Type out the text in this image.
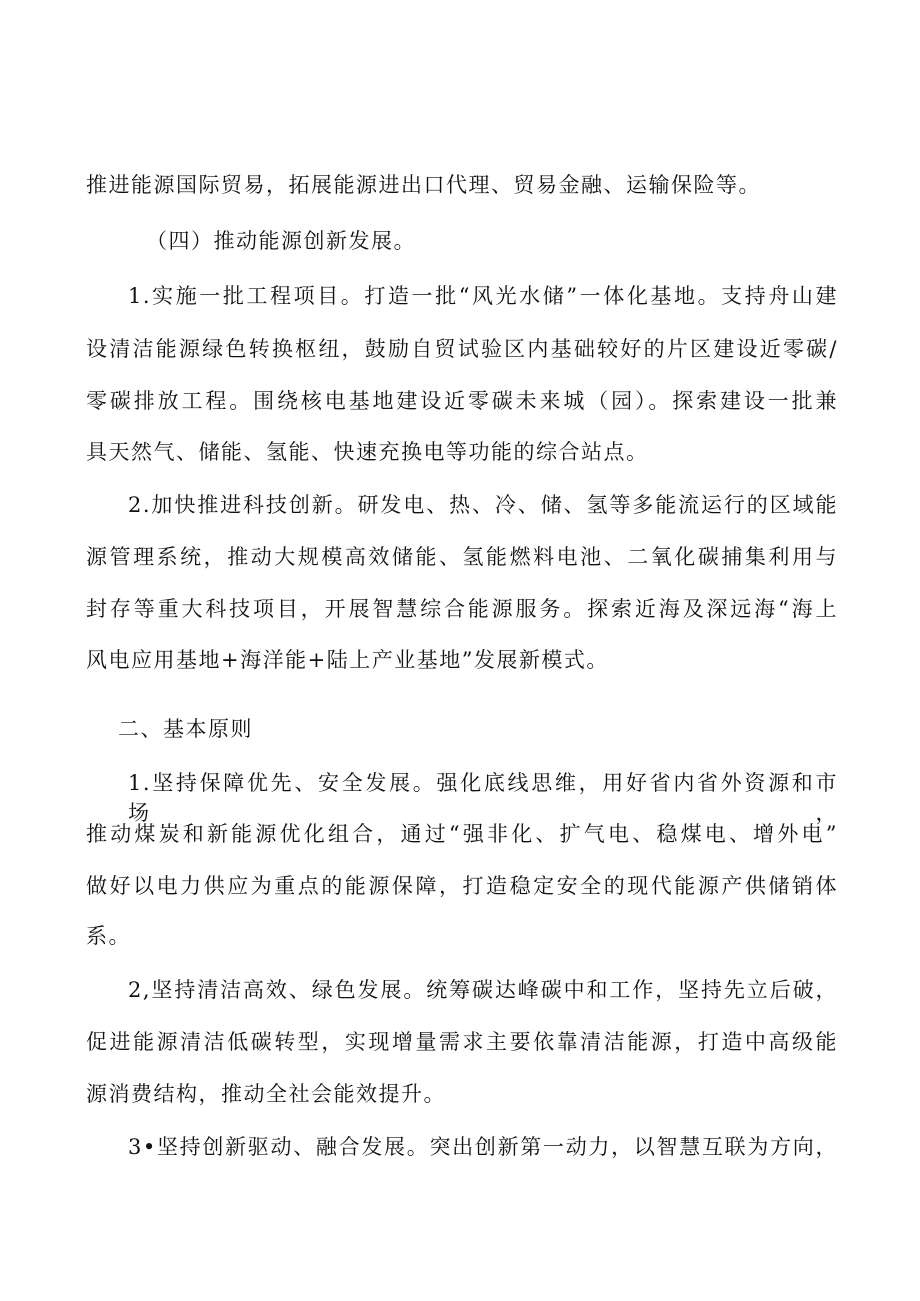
推进能源国际贸易，拓展能源进出口代理、贸易金融、运输保险等。
（四）推动能源创新发展。
1.实施一批工程项目。打造一批“风光水储”一体化基地。支持舟山建
设清洁能源绿色转换枢纽，鼓励自贸试验区内基础较好的片区建设近零碳/
零碳排放工程。围绕核电基地建设近零碳未来城（园）。探索建设一批兼
具天然气、储能、氢能、快速充换电等功能的综合站点。
2.加快推进科技创新。研发电、热、冷、储、氢等多能流运行的区域能
源管理系统，推动大规模高效储能、氢能燃料电池、二氧化碳捕集利用与
封存等重大科技项目，开展智慧综合能源服务。探索近海及深远海“海上
风电应用基地+海洋能+陆上产业基地”发展新模式。
二、基本原则
1.坚持保障优先、安全发展。强化底线思维，用好省内省外资源和市场，
推动煤炭和新能源优化组合，通过“强非化、扩气电、稳煤电、增外电”
做好以电力供应为重点的能源保障，打造稳定安全的现代能源产供储销体
系。
2,坚持清洁高效、绿色发展。统筹碳达峰碳中和工作，坚持先立后破，
促进能源清洁低碳转型，实现增量需求主要依靠清洁能源，打造中高级能
源消费结构，推动全社会能效提升。
3•坚持创新驱动、融合发展。突出创新第一动力，以智慧互联为方向，
